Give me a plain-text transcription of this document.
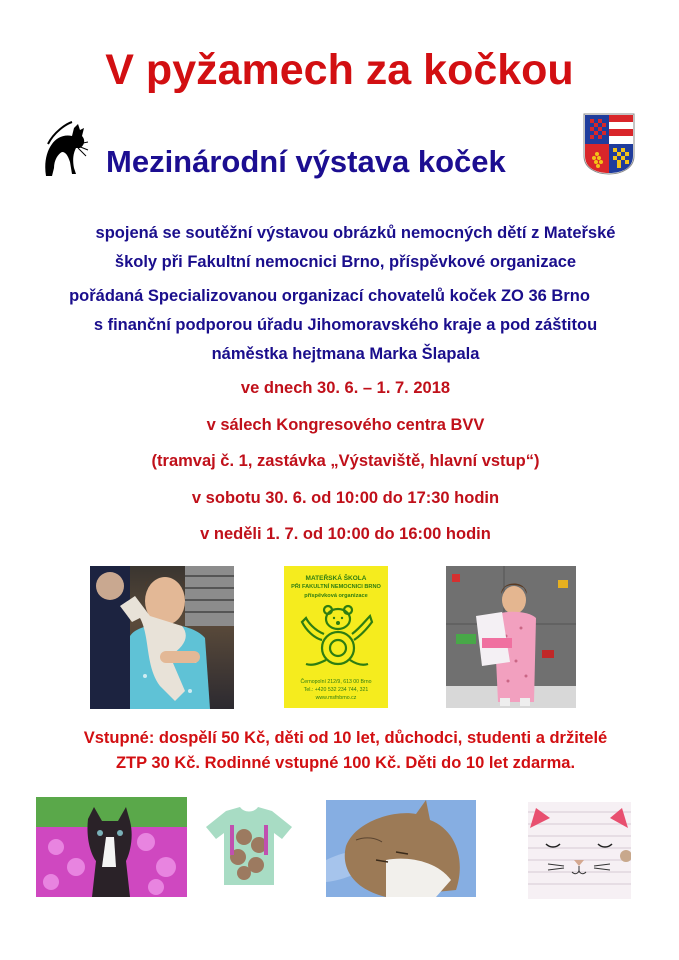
V pyžamech za kočkou
Mezinárodní výstava koček
spojená se soutěžní výstavou obrázků nemocných dětí z Mateřské
školy při Fakultní nemocnici Brno, příspěvkové organizace
pořádaná Specializovanou organizací chovatelů koček ZO 36 Brno
s finanční podporou úřadu Jihomoravského kraje a pod záštitou
náměstka hejtmana Marka Šlapala
ve dnech 30. 6. – 1. 7. 2018
v sálech Kongresového centra BVV
(tramvaj č. 1, zastávka „Výstaviště, hlavní vstup“)
v sobotu 30. 6. od 10:00 do 17:30 hodin
v neděli 1. 7. od 10:00 do 16:00 hodin
MATEŘSKÁ ŠKOLA
PŘI FAKULTNÍ NEMOCNICI BRNO
příspěvková organizace
Černopolní 212/9, 613 00 Brno
Tel.: +420 532 234 744, 321
www.msfnbrno.cz
Vstupné: dospělí 50 Kč, děti od 10 let, důchodci, studenti a držitelé
ZTP 30 Kč. Rodinné vstupné 100 Kč. Děti do 10 let zdarma.
